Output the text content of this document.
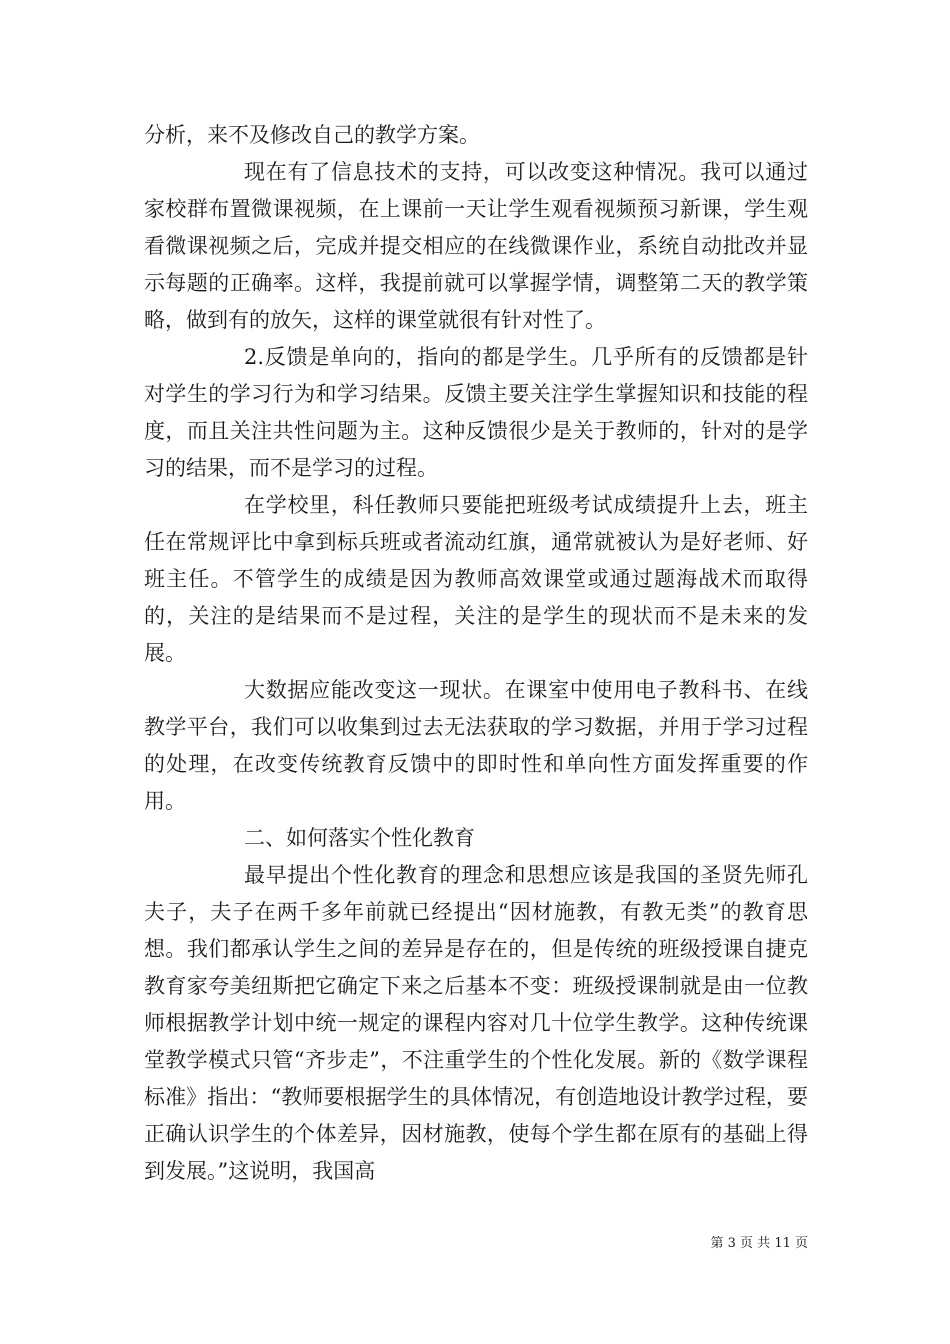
分析，来不及修改自己的教学方案。

现在有了信息技术的支持，可以改变这种情况。我可以通过家校群布置微课视频，在上课前一天让学生观看视频预习新课，学生观看微课视频之后，完成并提交相应的在线微课作业，系统自动批改并显示每题的正确率。这样，我提前就可以掌握学情，调整第二天的教学策略，做到有的放矢，这样的课堂就很有针对性了。

2.反馈是单向的，指向的都是学生。几乎所有的反馈都是针对学生的学习行为和学习结果。反馈主要关注学生掌握知识和技能的程度，而且关注共性问题为主。这种反馈很少是关于教师的，针对的是学习的结果，而不是学习的过程。

在学校里，科任教师只要能把班级考试成绩提升上去，班主任在常规评比中拿到标兵班或者流动红旗，通常就被认为是好老师、好班主任。不管学生的成绩是因为教师高效课堂或通过题海战术而取得的，关注的是结果而不是过程，关注的是学生的现状而不是未来的发展。

大数据应能改变这一现状。在课室中使用电子教科书、在线教学平台，我们可以收集到过去无法获取的学习数据，并用于学习过程的处理，在改变传统教育反馈中的即时性和单向性方面发挥重要的作用。

二、如何落实个性化教育

最早提出个性化教育的理念和思想应该是我国的圣贤先师孔夫子，夫子在两千多年前就已经提出“因材施教，有教无类”的教育思想。我们都承认学生之间的差异是存在的，但是传统的班级授课自捷克教育家夸美纽斯把它确定下来之后基本不变：班级授课制就是由一位教师根据教学计划中统一规定的课程内容对几十位学生教学。这种传统课堂教学模式只管“齐步走”，不注重学生的个性化发展。新的《数学课程标准》指出：“教师要根据学生的具体情况，有创造地设计教学过程，要正确认识学生的个体差异，因材施教，使每个学生都在原有的基础上得到发展。”这说明，我国高

第 3 页 共 11 页
